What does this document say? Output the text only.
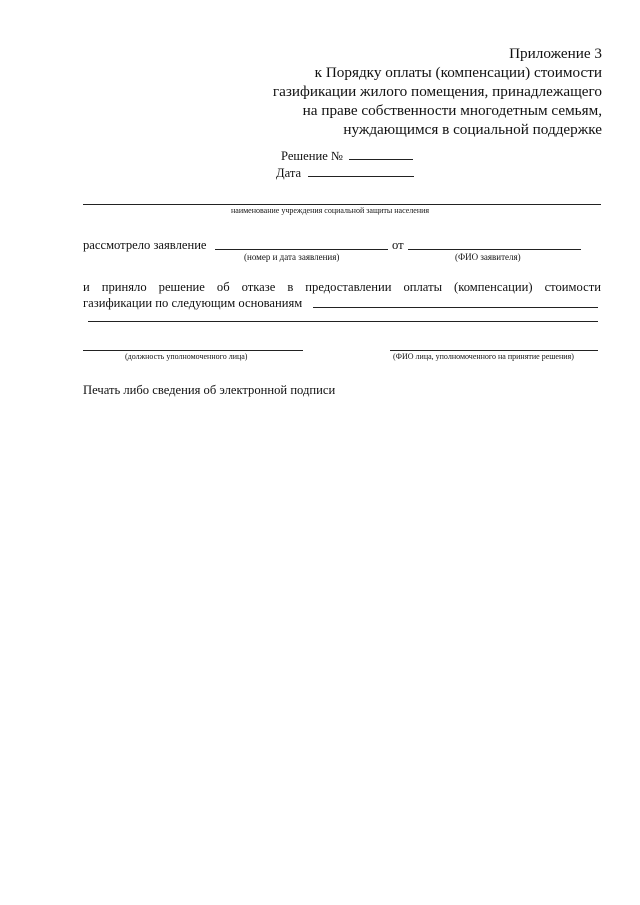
Приложение 3
к Порядку оплаты (компенсации) стоимости
газификации жилого помещения, принадлежащего
на праве собственности многодетным семьям,
нуждающимся в социальной поддержке
Решение №
Дата
наименование учреждения социальной защиты населения
рассмотрело заявление	от
(номер и дата заявления)	(ФИО заявителя)
и приняло решение об отказе в предоставлении оплаты (компенсации) стоимости
газификации по следующим основаниям
(должность уполномоченного лица)	(ФИО лица, уполномоченного на принятие решения)
Печать либо сведения об электронной подписи
